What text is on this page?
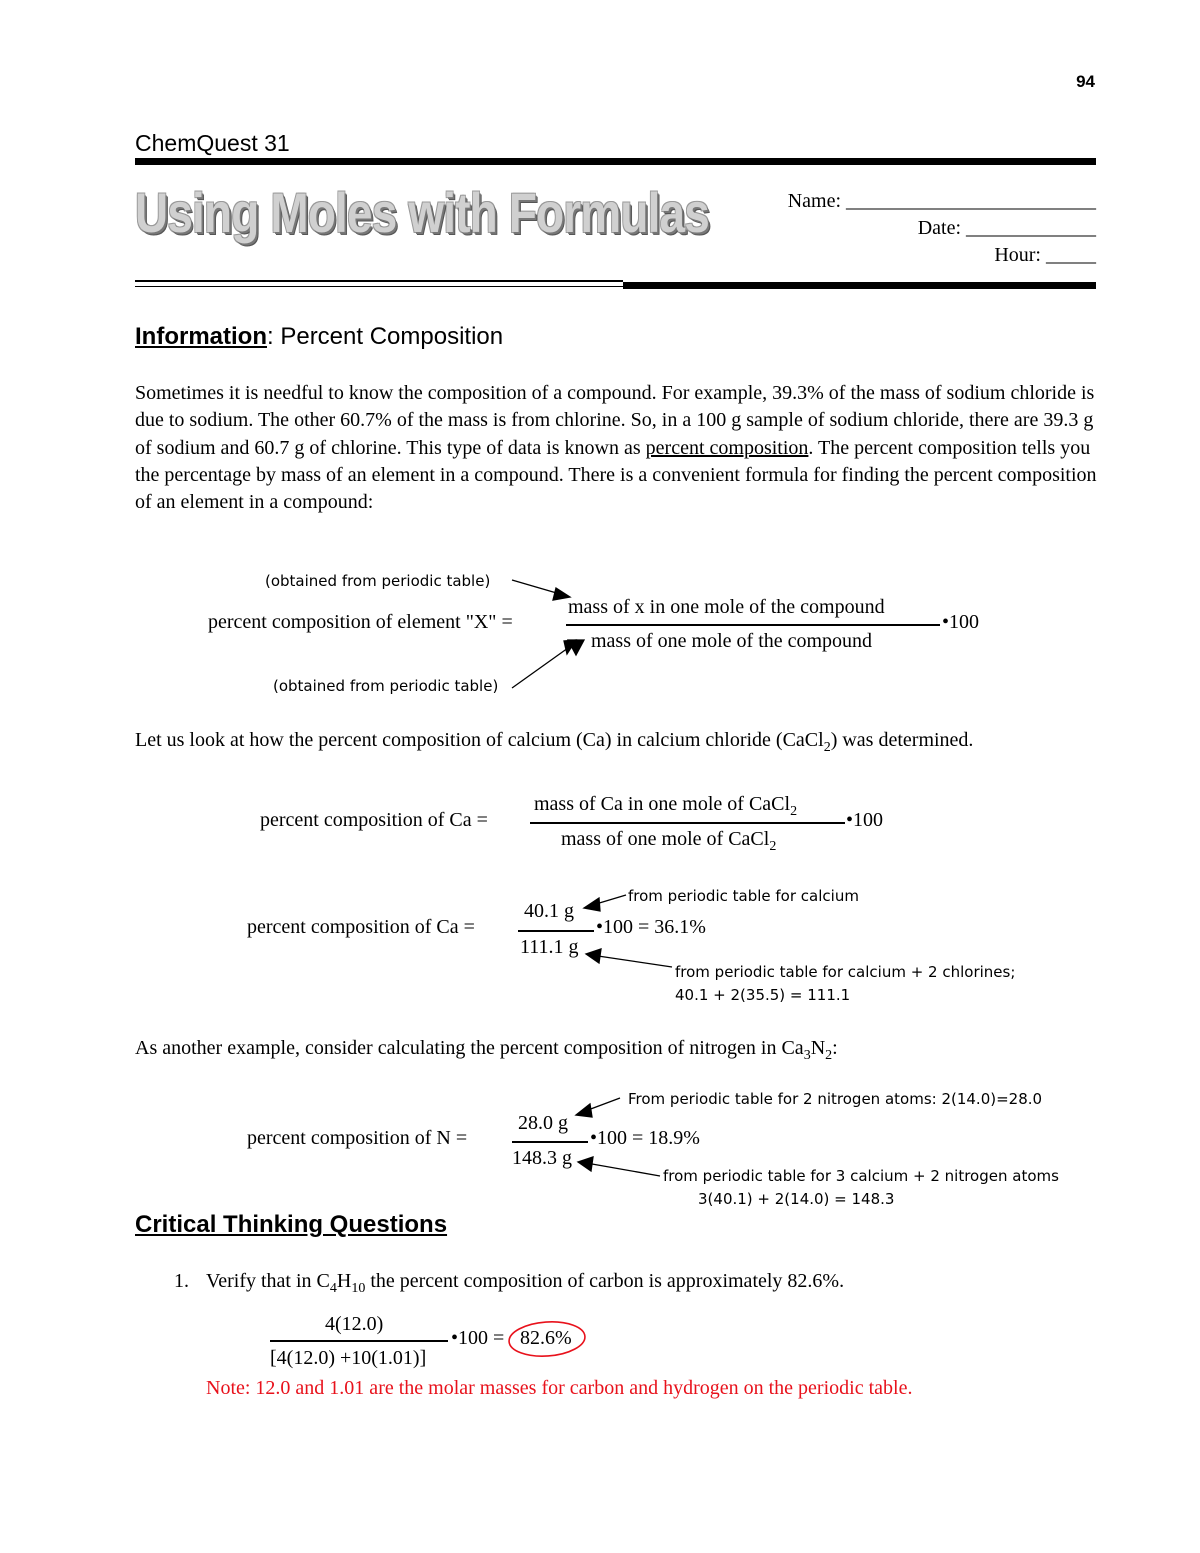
94
ChemQuest 31
Using Moles with Formulas	Name: _________________________
Date: _____________
Hour: _____
Information: Percent Composition
Sometimes it is needful to know the composition of a compound. For example, 39.3% of the mass of sodium chloride is due to sodium. The other 60.7% of the mass is from chlorine. So, in a 100 g sample of sodium chloride, there are 39.3 g of sodium and 60.7 g of chlorine. This type of data is known as percent composition. The percent composition tells you the percentage by mass of an element in a compound. There is a convenient formula for finding the percent composition of an element in a compound:
(obtained from periodic table)
percent composition of element "X" =
mass of x in one mole of the compound
mass of one mole of the compound
•100
(obtained from periodic table)
Let us look at how the percent composition of calcium (Ca) in calcium chloride (CaCl$_2$) was determined.
percent composition of Ca =
mass of Ca in one mole of CaCl$_2$
mass of one mole of CaCl$_2$
•100
from periodic table for calcium
percent composition of Ca =
40.1 g
111.1 g
•100 = 36.1%
from periodic table for calcium + 2 chlorines;
40.1 + 2(35.5) = 111.1
As another example, consider calculating the percent composition of nitrogen in $Ca_3N_2$:
From periodic table for 2 nitrogen atoms: 2(14.0)=28.0
percent composition of N =
28.0 g
148.3 g
•100 = 18.9%
from periodic table for 3 calcium + 2 nitrogen atoms
3(40.1) + 2(14.0) = 148.3
Critical Thinking Questions
1. Verify that in $C_4H_{10}$ the percent composition of carbon is approximately 82.6%.
4(12.0)
[4(12.0) +10(1.01)]
•100 = 82.6%
Note: 12.0 and 1.01 are the molar masses for carbon and hydrogen on the periodic table.
